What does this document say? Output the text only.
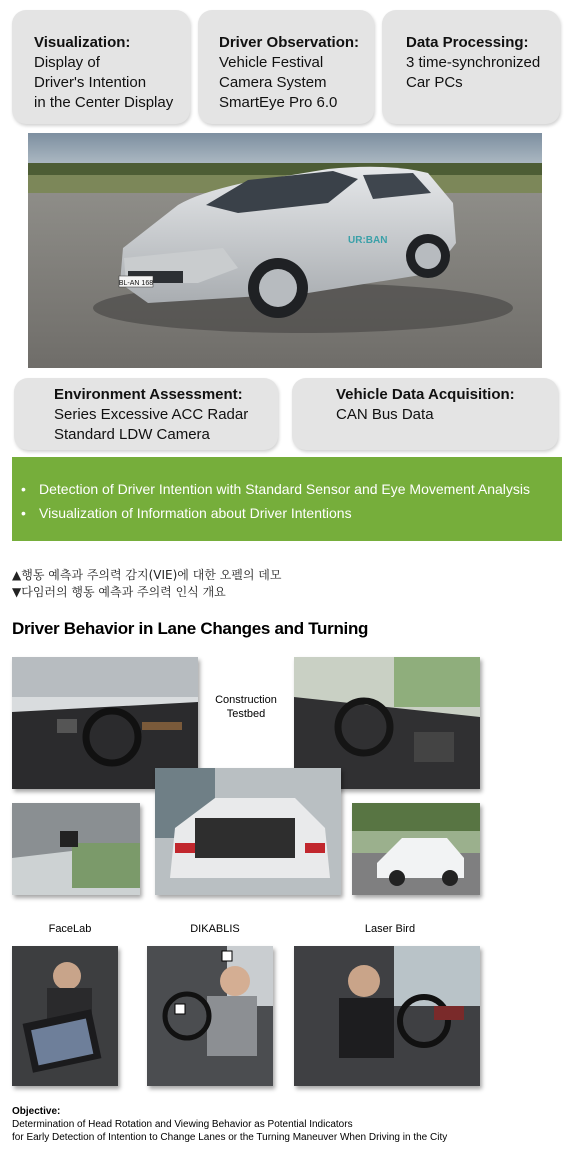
Visualization:
Display of
Driver's Intention
in the Center Display
Driver Observation:
Vehicle Festival
Camera System
SmartEye Pro 6.0
Data Processing:
3 time-synchronized
Car PCs
BL-AN 168
UR:BAN
Environment Assessment:
Series Excessive ACC Radar
Standard LDW Camera
Vehicle Data Acquisition:
CAN Bus Data
• Detection of Driver Intention with Standard Sensor and Eye Movement Analysis
• Visualization of Information about Driver Intentions
▲행동 예측과 주의력 감지(VIE)에 대한 오펠의 데모
▼다임러의 행동 예측과 주의력 인식 개요
Driver Behavior in Lane Changes and Turning
Construction
Testbed
FaceLab	DIKABLIS	Laser Bird
Objective:
Determination of Head Rotation and Viewing Behavior as Potential Indicators
for Early Detection of Intention to Change Lanes or the Turning Maneuver When Driving in the City
